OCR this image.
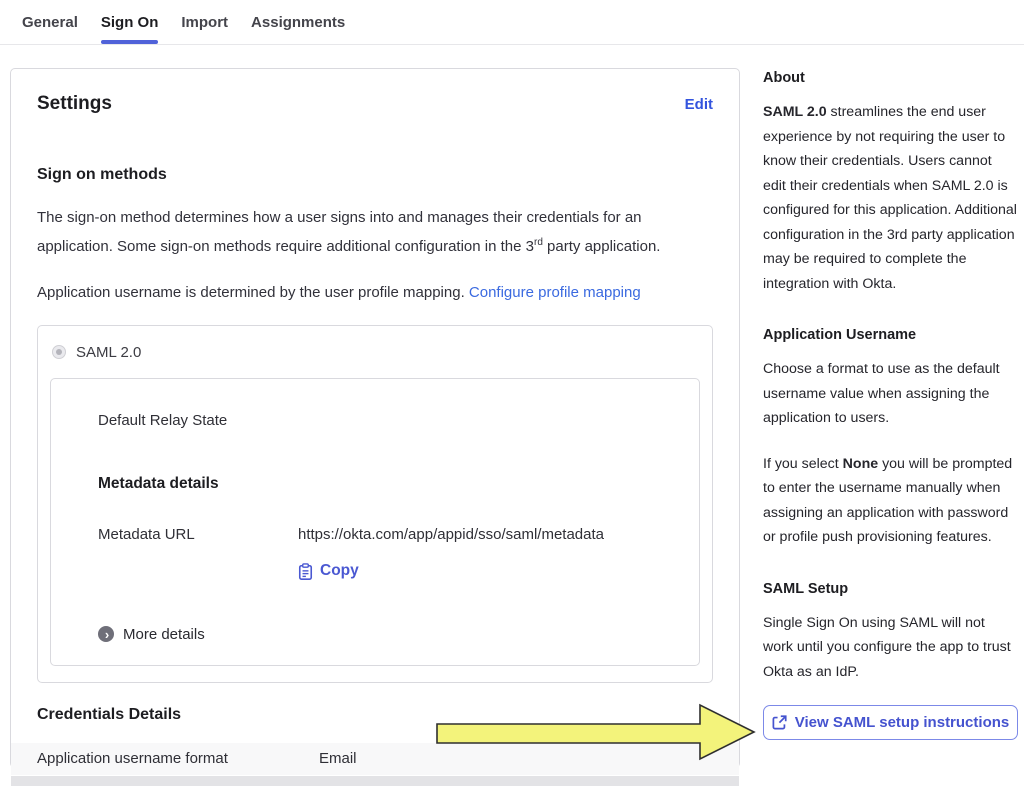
General Sign On Import Assignments
Settings	Edit
Sign on methods
The sign-on method determines how a user signs into and manages their credentials for an application. Some sign-on methods require additional configuration in the 3rd party application.
Application username is determined by the user profile mapping. Configure profile mapping
SAML 2.0
Default Relay State
Metadata details
Metadata URL	https://okta.com/app/appid/sso/saml/metadata
Copy
› More details
Credentials Details
Application username format	Email
About

SAML 2.0 streamlines the end user experience by not requiring the user to know their credentials. Users cannot edit their credentials when SAML 2.0 is configured for this application. Additional configuration in the 3rd party application may be required to complete the integration with Okta.

Application Username

Choose a format to use as the default username value when assigning the application to users.

If you select None you will be prompted to enter the username manually when assigning an application with password or profile push provisioning features.

SAML Setup

Single Sign On using SAML will not work until you configure the app to trust Okta as an IdP.

View SAML setup instructions
